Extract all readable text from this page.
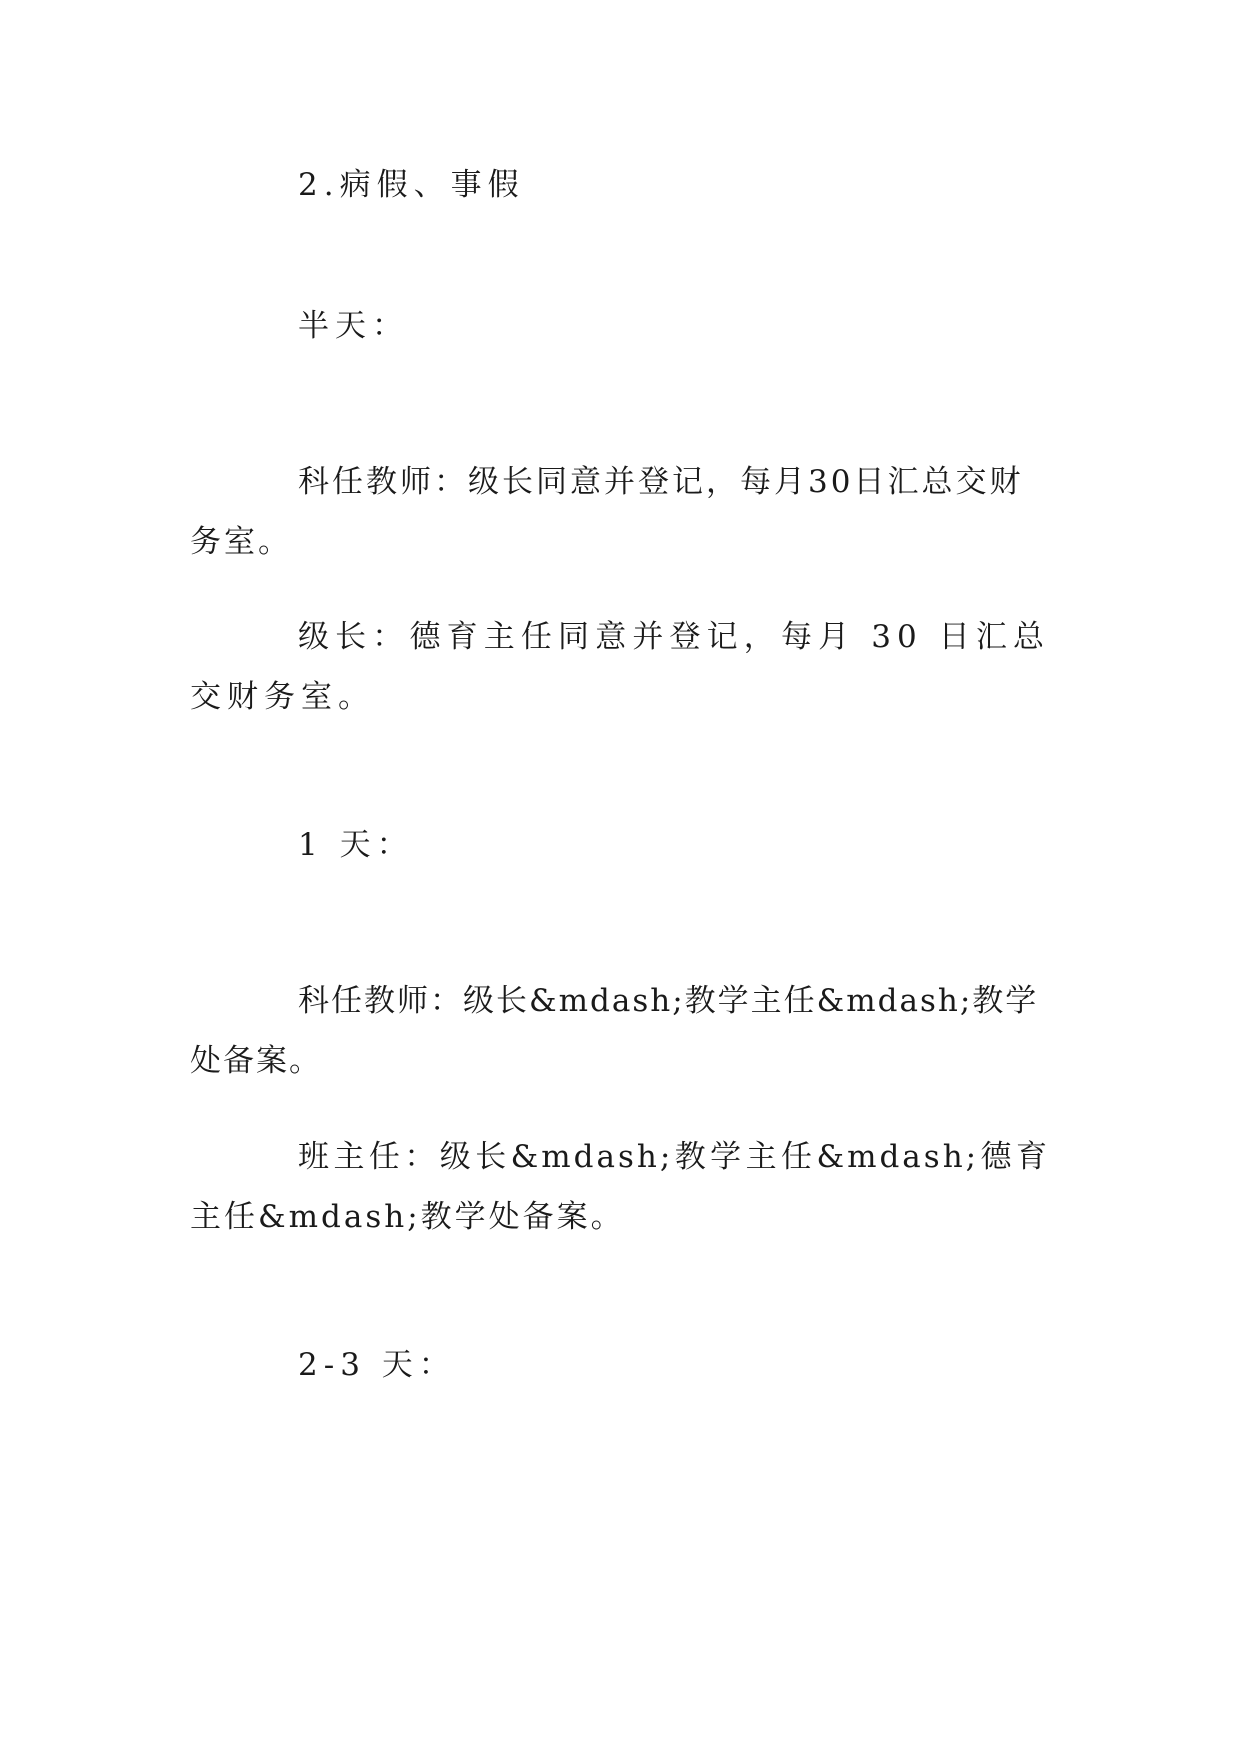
2.病假、事假

半天：

科任教师：级长同意并登记，每月30日汇总交财务室。

级长：德育主任同意并登记，每月 30 日汇总交财务室。

1 天：

科任教师：级长&mdash;教学主任&mdash;教学处备案。

班主任：级长&mdash;教学主任&mdash;德育主任&mdash;教学处备案。

2-3 天：
